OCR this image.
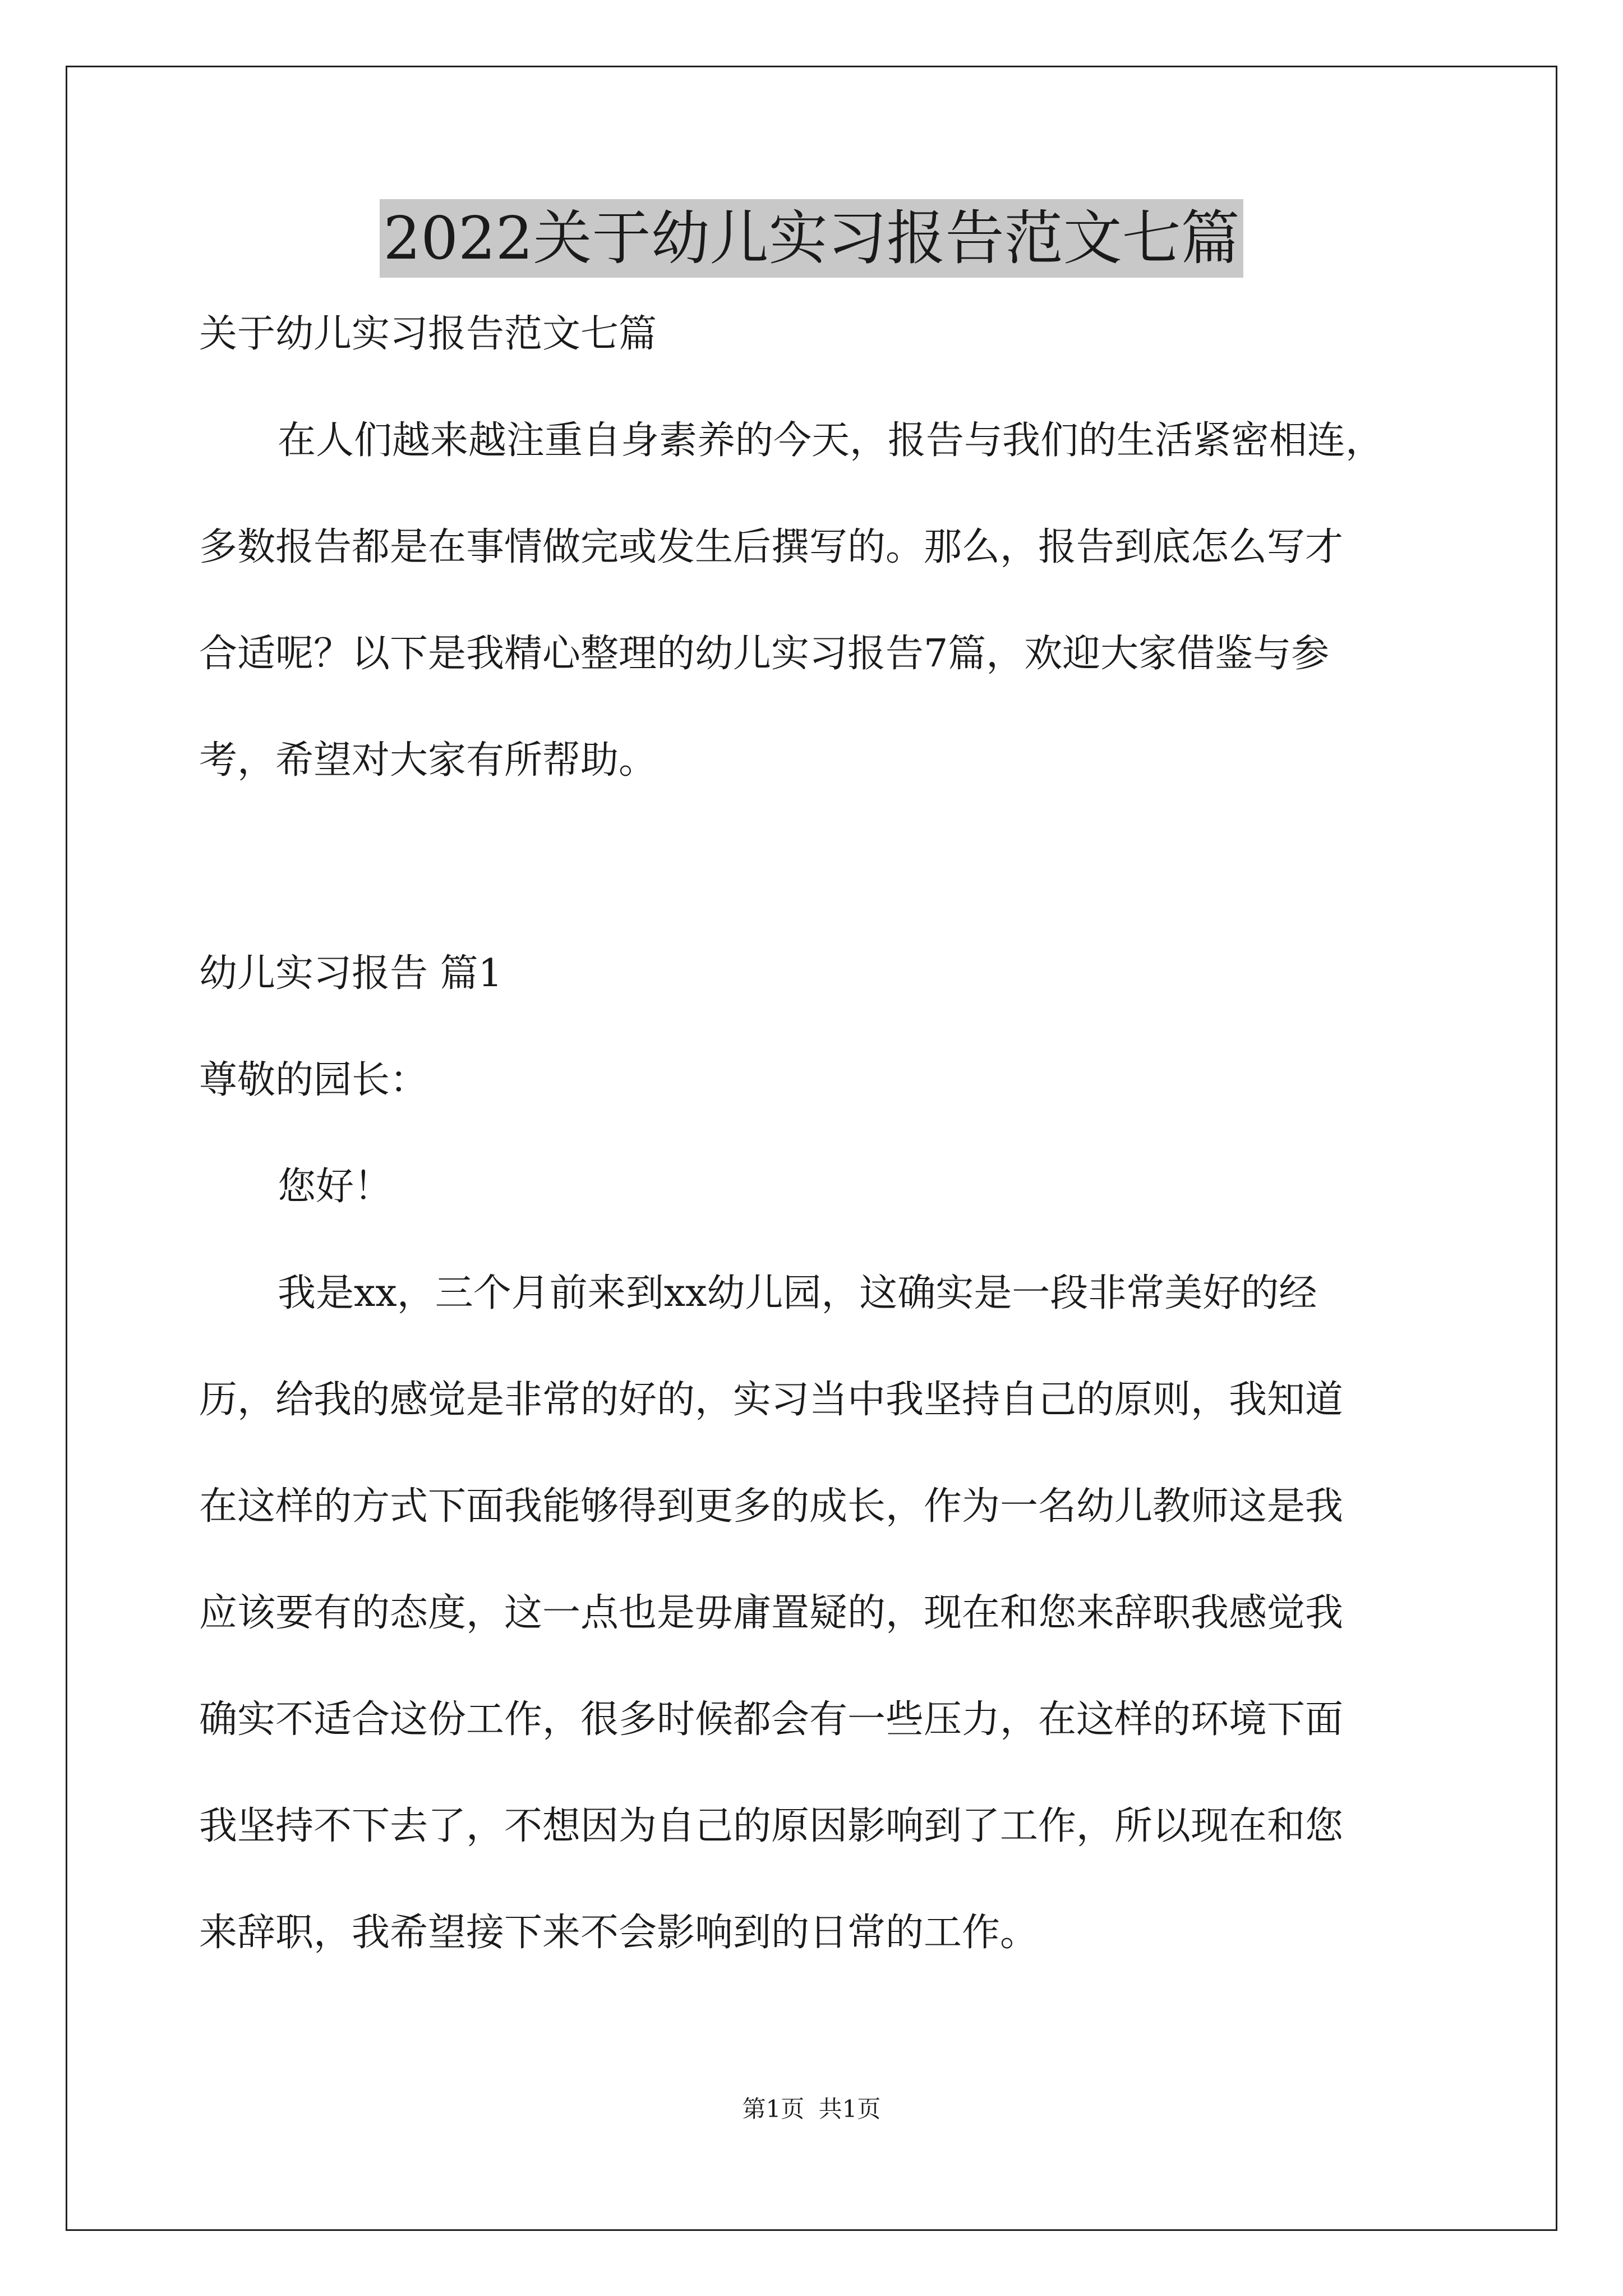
2022关于幼儿实习报告范文七篇
关于幼儿实习报告范文七篇
在人们越来越注重自身素养的今天，报告与我们的生活紧密相连，
多数报告都是在事情做完或发生后撰写的。那么，报告到底怎么写才
合适呢？以下是我精心整理的幼儿实习报告7篇，欢迎大家借鉴与参
考，希望对大家有所帮助。
幼儿实习报告 篇1
尊敬的园长：
您好！
我是xx，三个月前来到xx幼儿园，这确实是一段非常美好的经
历，给我的感觉是非常的好的，实习当中我坚持自己的原则，我知道
在这样的方式下面我能够得到更多的成长，作为一名幼儿教师这是我
应该要有的态度，这一点也是毋庸置疑的，现在和您来辞职我感觉我
确实不适合这份工作，很多时候都会有一些压力，在这样的环境下面
我坚持不下去了，不想因为自己的原因影响到了工作，所以现在和您
来辞职，我希望接下来不会影响到的日常的工作。
第1页 共1页
